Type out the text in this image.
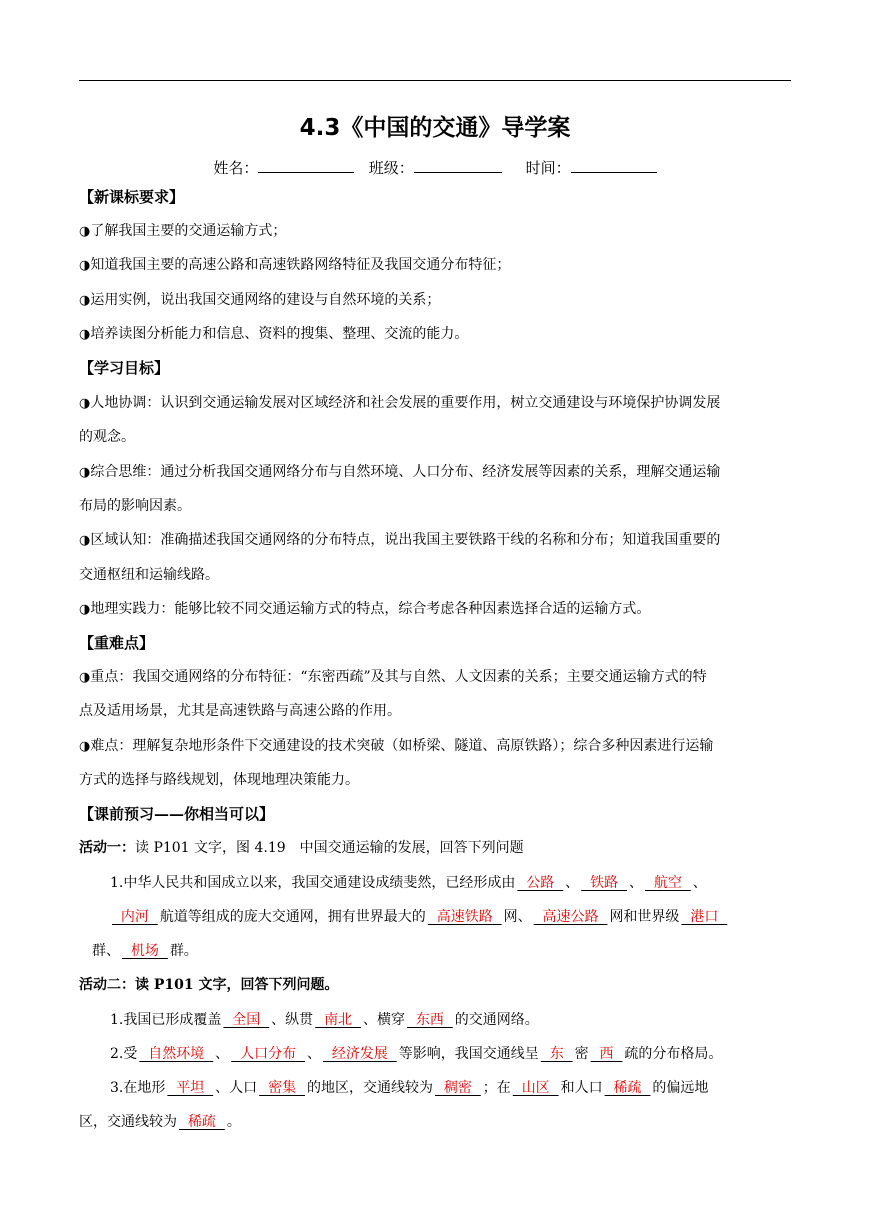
4.3《中国的交通》导学案
姓名：	班级：	时间：
【新课标要求】
◑了解我国主要的交通运输方式；
◑知道我国主要的高速公路和高速铁路网络特征及我国交通分布特征；
◑运用实例，说出我国交通网络的建设与自然环境的关系；
◑培养读图分析能力和信息、资料的搜集、整理、交流的能力。
【学习目标】
◑人地协调：认识到交通运输发展对区域经济和社会发展的重要作用，树立交通建设与环境保护协调发展
的观念。
◑综合思维：通过分析我国交通网络分布与自然环境、人口分布、经济发展等因素的关系，理解交通运输
布局的影响因素。
◑区域认知：准确描述我国交通网络的分布特点，说出我国主要铁路干线的名称和分布；知道我国重要的
交通枢纽和运输线路。
◑地理实践力：能够比较不同交通运输方式的特点，综合考虑各种因素选择合适的运输方式。
【重难点】
◑重点：我国交通网络的分布特征：“东密西疏”及其与自然、人文因素的关系；主要交通运输方式的特
点及适用场景，尤其是高速铁路与高速公路的作用。
◑难点：理解复杂地形条件下交通建设的技术突破（如桥梁、隧道、高原铁路）；综合多种因素进行运输
方式的选择与路线规划，体现地理决策能力。
【课前预习——你相当可以】
活动一：读 P101 文字，图 4.19　中国交通运输的发展，回答下列问题
1.中华人民共和国成立以来，我国交通建设成绩斐然，已经形成由  公路  、  铁路  、  航空  、
内河  航道等组成的庞大交通网，拥有世界最大的  高速铁路  网、  高速公路  网和世界级  港口
群、  机场  群。
活动二：读 P101 文字，回答下列问题。
1.我国已形成覆盖  全国  、纵贯  南北  、横穿  东西  的交通网络。
2.受  自然环境  、  人口分布  、  经济发展  等影响，我国交通线呈  东  密  西  疏的分布格局。
3.在地形  平坦  、人口  密集  的地区，交通线较为  稠密  ；在  山区  和人口  稀疏  的偏远地
区，交通线较为  稀疏  。
